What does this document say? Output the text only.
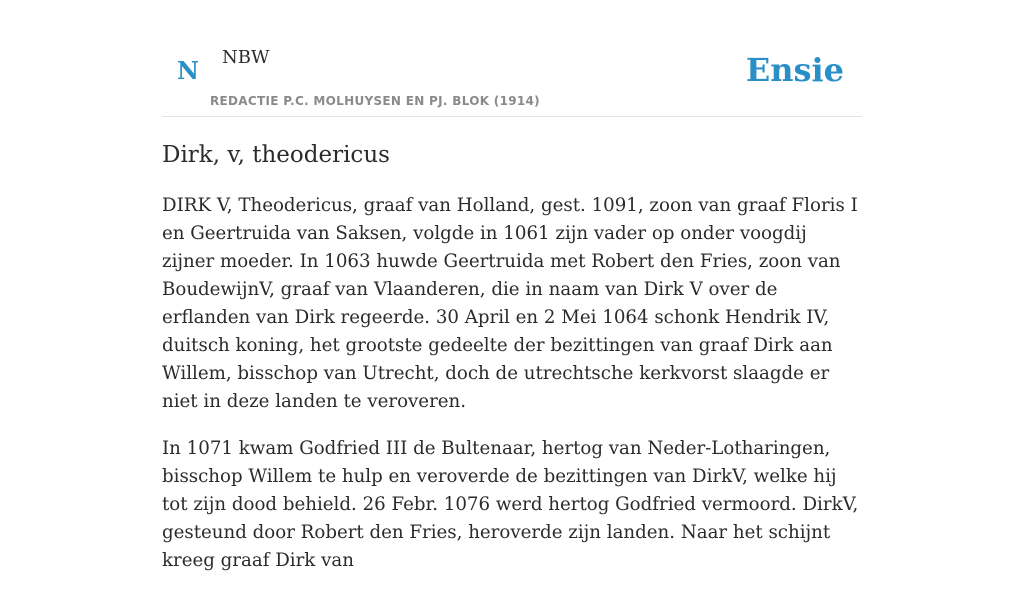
N NBW
REDACTIE P.C. MOLHUYSEN EN PJ. BLOK (1914)
Ensie
Dirk, v, theodericus

DIRK V, Theodericus, graaf van Holland, gest. 1091, zoon van graaf Floris I en Geertruida van Saksen, volgde in 1061 zijn vader op onder voogdij zijner moeder. In 1063 huwde Geertruida met Robert den Fries, zoon van BoudewijnV, graaf van Vlaanderen, die in naam van Dirk V over de erflanden van Dirk regeerde. 30 April en 2 Mei 1064 schonk Hendrik IV, duitsch koning, het grootste gedeelte der bezittingen van graaf Dirk aan Willem, bisschop van Utrecht, doch de utrechtsche kerkvorst slaagde er niet in deze landen te veroveren.

In 1071 kwam Godfried III de Bultenaar, hertog van Neder-Lotharingen, bisschop Willem te hulp en veroverde de bezittingen van DirkV, welke hij tot zijn dood behield. 26 Febr. 1076 werd hertog Godfried vermoord. DirkV, gesteund door Robert den Fries, heroverde zijn landen. Naar het schijnt kreeg graaf Dirk van
